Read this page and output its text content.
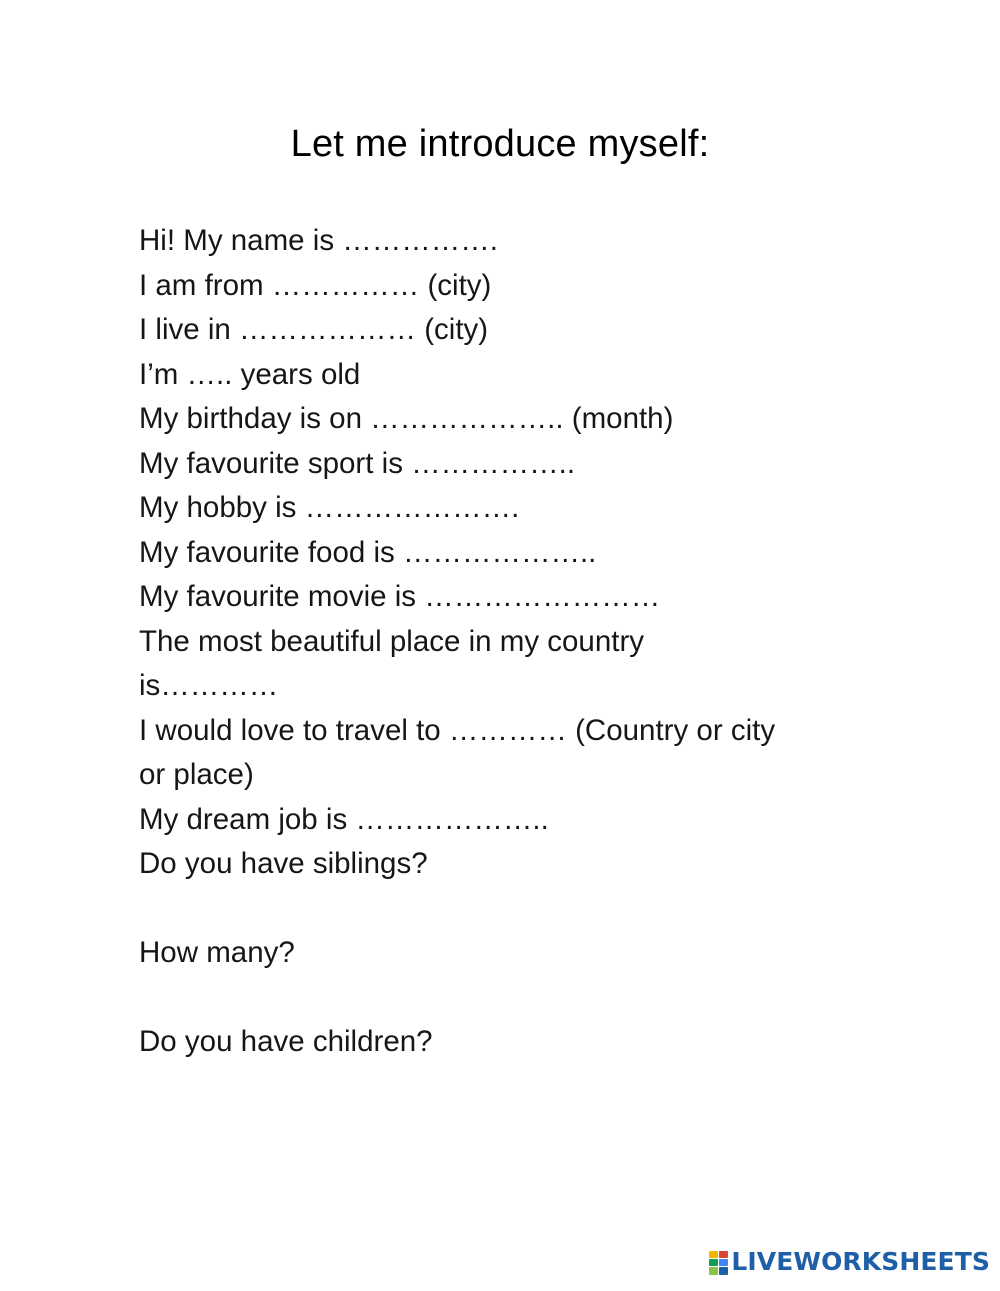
Let me introduce myself:
Hi! My name is …………….
I am from …………… (city)
I live in ……………… (city)
I’m ….. years old
My birthday is on ……………….. (month)
My favourite sport is ……………..
My hobby is ………………….
My favourite food is ………………..
My favourite movie is ……………………
The most beautiful place in my country
is…………
I would love to travel to ………… (Country or city
or place)
My dream job is ………………..
Do you have siblings?
How many?
Do you have children?
LIVEWORKSHEETS
